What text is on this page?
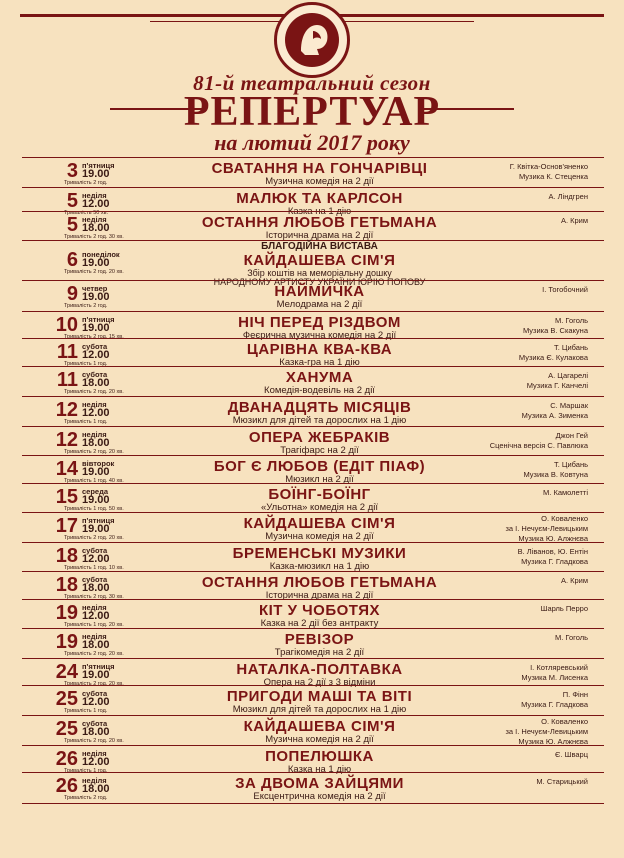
81-й театральний сезон
РЕПЕРТУАР
на лютий 2017 року
3 п'ятниця
19.00
Тривалість 2 год.
СВАТАННЯ НА ГОНЧАРІВЦІ
Музична комедія на 2 дії
Г. Квітка-Основ'яненко
Музика К. Стеценка
5 неділя
12.00
Тривалість 50 хв.
МАЛЮК ТА КАРЛСОН
Казка на 1 дію
А. Ліндгрен
5 неділя
18.00
Тривалість 2 год. 30 хв.
ОСТАННЯ ЛЮБОВ ГЕТЬМАНА
Історична драма на 2 дії
А. Крим
6 понеділок
19.00
Тривалість 2 год. 20 хв.
БЛАГОДІЙНА ВИСТАВА
КАЙДАШЕВА СІМ'Я
Збір коштів на меморіальну дошку
НАРОДНОМУ АРТИСТУ УКРАЇНИ ЮРІЮ ПОПОВУ
9 четвер
19.00
Тривалість 2 год.
НАЙМИЧКА
Мелодрама на 2 дії
І. Тогобочний
10 п'ятниця
19.00
Тривалість 2 год. 15 хв.
НІЧ ПЕРЕД РІЗДВОМ
Феєрична музична комедія на 2 дії
М. Гоголь
Музика В. Скакуна
11 субота
12.00
Тривалість 1 год.
ЦАРІВНА КВА-КВА
Казка-гра на 1 дію
Т. Цибань
Музика Є. Кулакова
11 субота
18.00
Тривалість 2 год. 20 хв.
ХАНУМА
Комедія-водевіль на 2 дії
А. Цагарелі
Музика Г. Канчелі
12 неділя
12.00
Тривалість 1 год.
ДВАНАДЦЯТЬ МІСЯЦІВ
Мюзикл для дітей та дорослих на 1 дію
С. Маршак
Музика А. Зименка
12 неділя
18.00
Тривалість 2 год. 20 хв.
ОПЕРА ЖЕБРАКІВ
Трагіфарс на 2 дії
Джон Гей
Сценічна версія С. Павлюка
14 вівторок
19.00
Тривалість 1 год. 40 хв.
БОГ Є ЛЮБОВ (ЕДІТ ПІАФ)
Мюзикл на 2 дії
Т. Цибань
Музика В. Ковтуна
15 середа
19.00
Тривалість 1 год. 50 хв.
БОЇНГ-БОЇНГ
«Ульотна» комедія на 2 дії
М. Камолетті
17 п'ятниця
19.00
Тривалість 2 год. 20 хв.
КАЙДАШЕВА СІМ'Я
Музична комедія на 2 дії
О. Коваленко
за І. Нечуєм-Левицьким
Музика Ю. Алжнєва
18 субота
12.00
Тривалість 1 год. 10 хв.
БРЕМЕНСЬКІ МУЗИКИ
Казка-мюзикл на 1 дію
В. Ліванов, Ю. Ентін
Музика Г. Гладкова
18 субота
18.00
Тривалість 2 год. 30 хв.
ОСТАННЯ ЛЮБОВ ГЕТЬМАНА
Історична драма на 2 дії
А. Крим
19 неділя
12.00
Тривалість 1 год. 20 хв.
КІТ У ЧОБОТЯХ
Казка на 2 дії без антракту
Шарль Перро
19 неділя
18.00
Тривалість 2 год. 20 хв.
РЕВІЗОР
Трагікомедія на 2 дії
М. Гоголь
24 п'ятниця
19.00
Тривалість 2 год. 20 хв.
НАТАЛКА-ПОЛТАВКА
Опера на 2 дії з 3 відміни
І. Котляревський
Музика М. Лисенка
25 субота
12.00
Тривалість 1 год.
ПРИГОДИ МАШІ ТА ВІТІ
Мюзикл для дітей та дорослих на 1 дію
П. Фінн
Музика Г. Гладкова
25 субота
18.00
Тривалість 2 год. 20 хв.
КАЙДАШЕВА СІМ'Я
Музична комедія на 2 дії
О. Коваленко
за І. Нечуєм-Левицьким
Музика Ю. Алжнєва
26 неділя
12.00
Тривалість 1 год.
ПОПЕЛЮШКА
Казка на 1 дію
Є. Шварц
26 неділя
18.00
Тривалість 2 год.
ЗА ДВОМА ЗАЙЦЯМИ
Ексцентрична комедія на 2 дії
М. Старицький
